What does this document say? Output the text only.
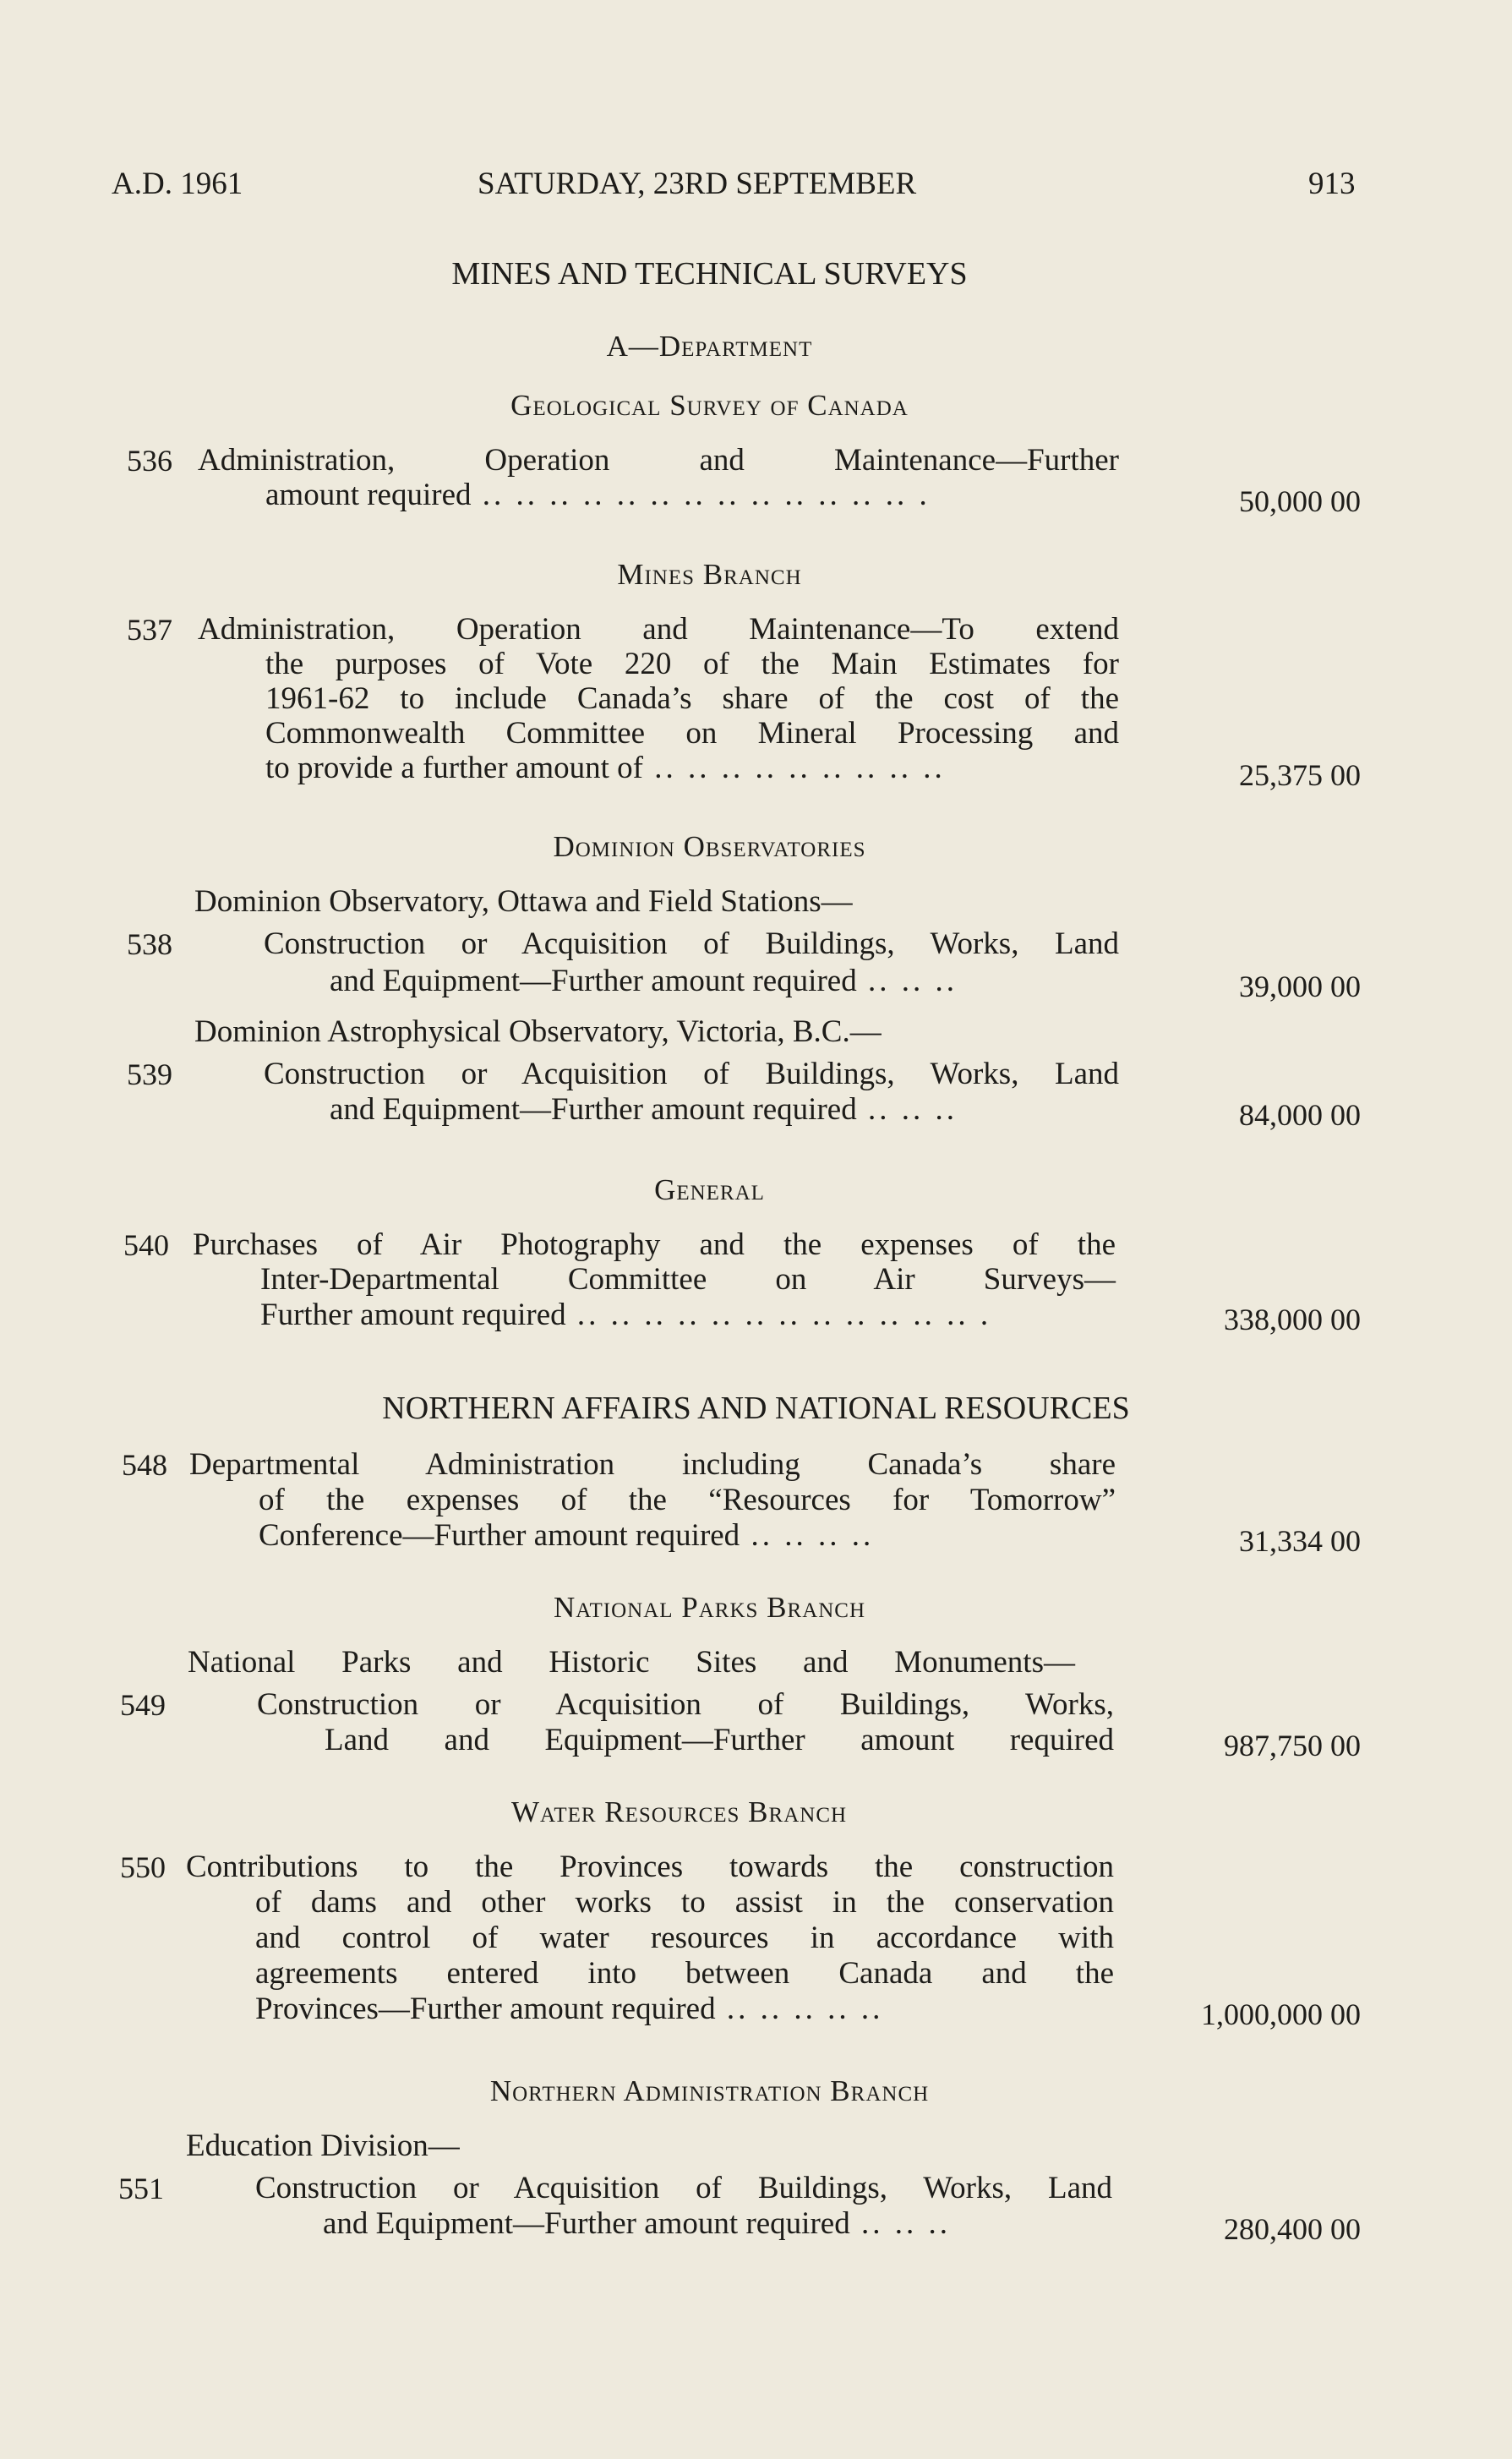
A.D. 1961	SATURDAY, 23RD SEPTEMBER	913
MINES AND TECHNICAL SURVEYS
A—Department
Geological Survey of Canada
536 Administration, Operation and Maintenance—Further
amount required .. .. .. .. .. .. .. .. .. .. .. .. .. .	50,000 00
Mines Branch
537 Administration, Operation and Maintenance—To extend
the purposes of Vote 220 of the Main Estimates for
1961-62 to include Canada’s share of the cost of the
Commonwealth Committee on Mineral Processing and
to provide a further amount of .. .. .. .. .. .. .. .. ..	25,375 00
Dominion Observatories
Dominion Observatory, Ottawa and Field Stations—
538	Construction or Acquisition of Buildings, Works, Land
and Equipment—Further amount required .. .. ..	39,000 00
Dominion Astrophysical Observatory, Victoria, B.C.—
539	Construction or Acquisition of Buildings, Works, Land
and Equipment—Further amount required .. .. ..	84,000 00
General
540 Purchases of Air Photography and the expenses of the
Inter-Departmental Committee on Air Surveys—
Further amount required .. .. .. .. .. .. .. .. .. .. .. .. .	338,000 00
NORTHERN AFFAIRS AND NATIONAL RESOURCES
548 Departmental Administration including Canada’s share
of the expenses of the “Resources for Tomorrow”
Conference—Further amount required .. .. .. ..	31,334 00
National Parks Branch
National Parks and Historic Sites and Monuments—
549	Construction or Acquisition of Buildings, Works,
Land and Equipment—Further amount required	987,750 00
Water Resources Branch
550 Contributions to the Provinces towards the construction
of dams and other works to assist in the conservation
and control of water resources in accordance with
agreements entered into between Canada and the
Provinces—Further amount required .. .. .. .. ..	1,000,000 00
Northern Administration Branch
Education Division—
551	Construction or Acquisition of Buildings, Works, Land
and Equipment—Further amount required .. .. ..	280,400 00
